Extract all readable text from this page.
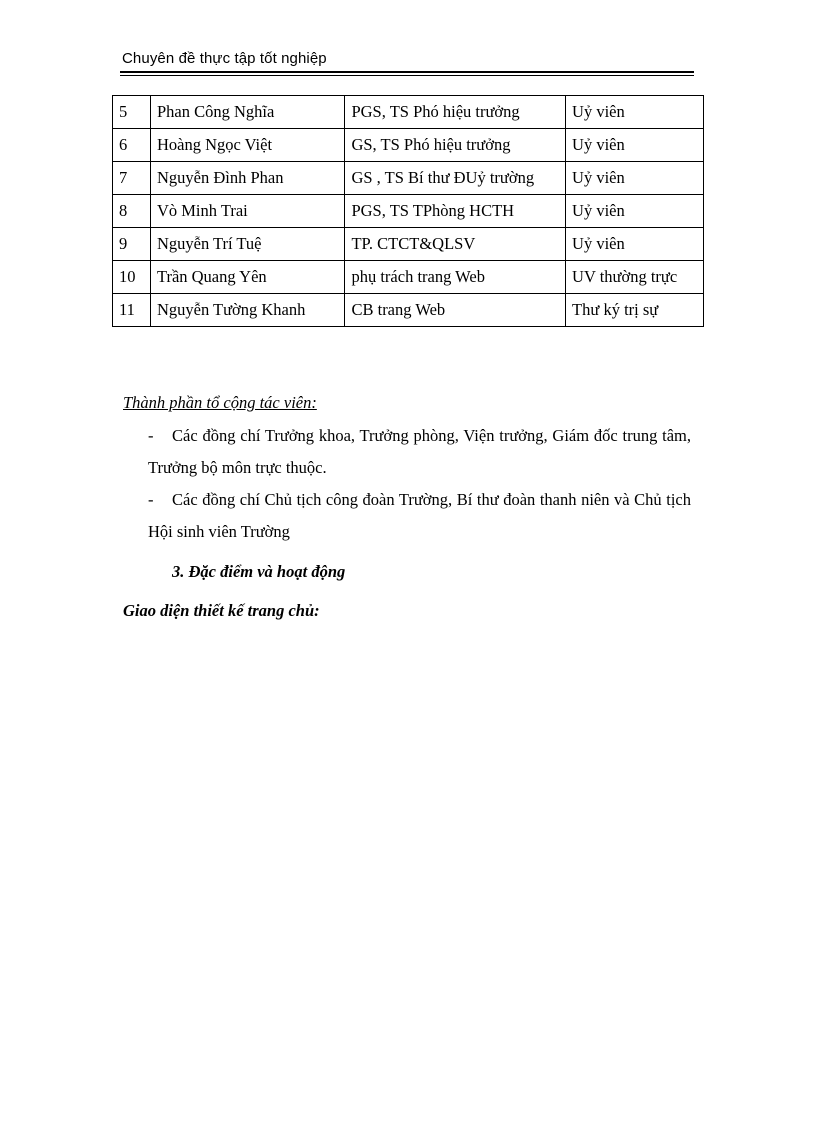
Chuyên đề thực tập tốt nghiệp
5	Phan Công Nghĩa	PGS, TS Phó hiệu trưởng	Uỷ viên
6	Hoàng Ngọc Việt	GS, TS Phó hiệu trưởng	Uỷ viên
7	Nguyễn Đình Phan	GS , TS Bí thư ĐUỷ trường	Uỷ viên
8	Vò Minh Trai	PGS, TS TPhòng HCTH	Uỷ viên
9	Nguyễn Trí Tuệ	TP. CTCT&QLSV	Uỷ viên
10	Trần Quang Yên	phụ trách trang Web	UV thường trực
11	Nguyễn Tường Khanh	CB trang Web	Thư ký trị sự
Thành phần tổ cộng tác viên:
- Các đồng chí Trưởng khoa, Trưởng phòng, Viện trưởng, Giám đốc trung tâm, Trưởng bộ môn trực thuộc.
- Các đồng chí Chủ tịch công đoàn Trường, Bí thư đoàn thanh niên và Chủ tịch Hội sinh viên Trường
3. Đặc điểm và hoạt động
Giao diện thiết kế trang chủ:
